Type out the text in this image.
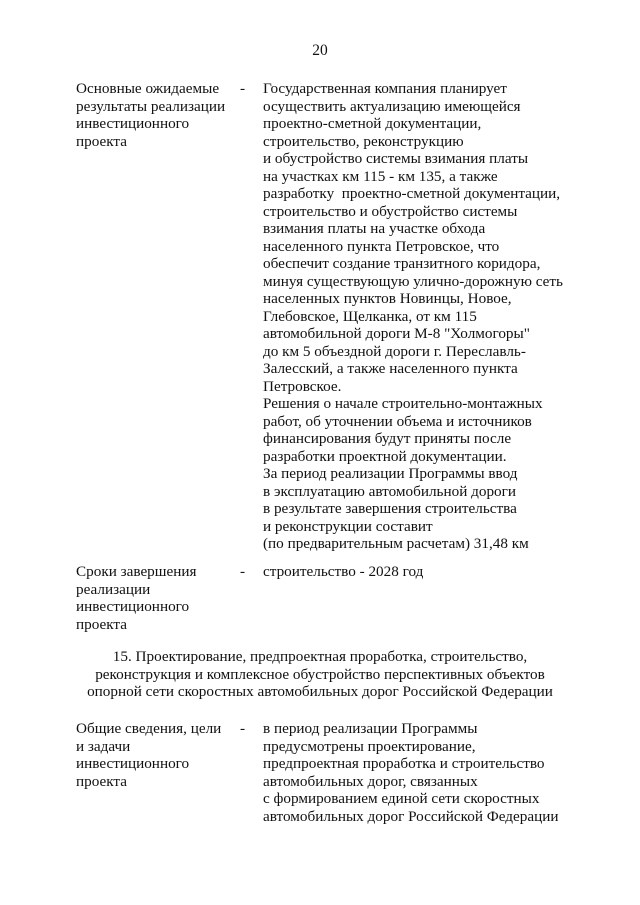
20
Основные ожидаемые
результаты реализации
инвестиционного
проекта
-	Государственная компания планирует
осуществить актуализацию имеющейся
проектно-сметной документации,
строительство, реконструкцию
и обустройство системы взимания платы
на участках км 115 - км 135, а также
разработку  проектно-сметной документации,
строительство и обустройство системы
взимания платы на участке обхода
населенного пункта Петровское, что
обеспечит создание транзитного коридора,
минуя существующую улично-дорожную сеть
населенных пунктов Новинцы, Новое,
Глебовское, Щелканка, от км 115
автомобильной дороги М-8 "Холмогоры"
до км 5 объездной дороги г. Переславль-
Залесский, а также населенного пункта
Петровское.
Решения о начале строительно-монтажных
работ, об уточнении объема и источников
финансирования будут приняты после
разработки проектной документации.
За период реализации Программы ввод
в эксплуатацию автомобильной дороги
в результате завершения строительства
и реконструкции составит
(по предварительным расчетам) 31,48 км
Сроки завершения
реализации
инвестиционного
проекта
-	строительство - 2028 год
15. Проектирование, предпроектная проработка, строительство,
реконструкция и комплексное обустройство перспективных объектов
опорной сети скоростных автомобильных дорог Российской Федерации
Общие сведения, цели
и задачи
инвестиционного
проекта
-	в период реализации Программы
предусмотрены проектирование,
предпроектная проработка и строительство
автомобильных дорог, связанных
с формированием единой сети скоростных
автомобильных дорог Российской Федерации
